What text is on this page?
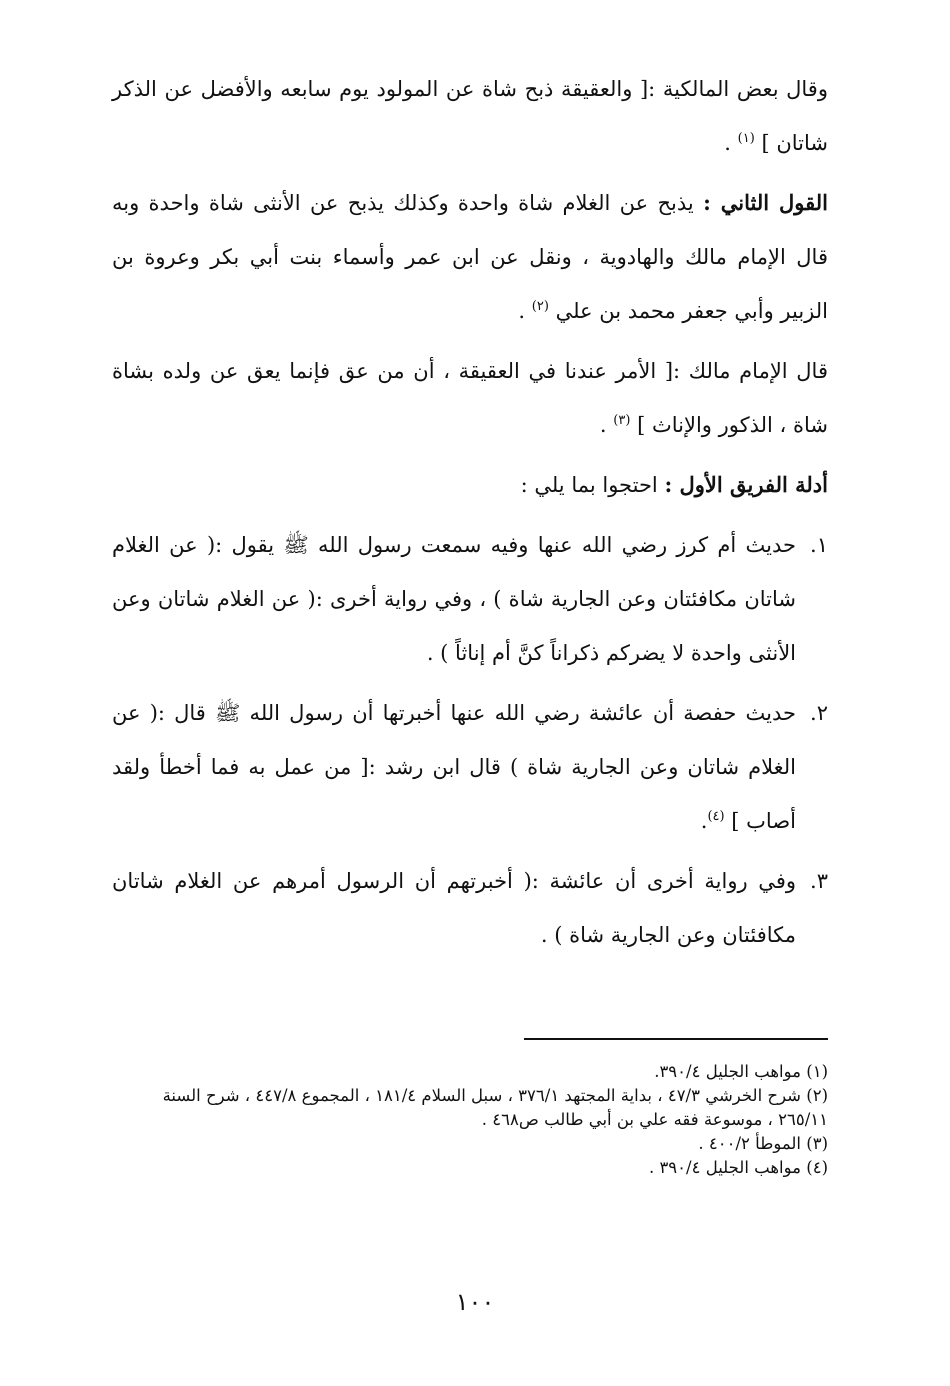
وقال بعض المالكية :[ والعقيقة ذبح شاة عن المولود يوم سابعه والأفضل عن الذكر شاتان ] $^{(١)}$ .

القول الثاني : يذبح عن الغلام شاة واحدة وكذلك يذبح عن الأنثى شاة واحدة وبه قال الإمام مالك والهادوية ، ونقل عن ابن عمر وأسماء بنت أبي بكر وعروة بن الزبير وأبي جعفر محمد بن علي $^{(٢)}$ .

قال الإمام مالك :[ الأمر عندنا في العقيقة ، أن من عق فإنما يعق عن ولده بشاة شاة ، الذكور والإناث ] $^{(٣)}$ .

أدلة الفريق الأول : احتجوا بما يلي :

١.
حديث أم كرز رضي الله عنها وفيه سمعت رسول الله ﷺ يقول :( عن الغلام شاتان مكافئتان وعن الجارية شاة ) ، وفي رواية أخرى :( عن الغلام شاتان وعن الأنثى واحدة لا يضركم ذكراناً كنَّ أم إناثاً ) .
٢.
حديث حفصة أن عائشة رضي الله عنها أخبرتها أن رسول الله ﷺ قال :( عن الغلام شاتان وعن الجارية شاة ) قال ابن رشد :[ من عمل به فما أخطأ ولقد أصاب ] $^{(٤)}$.
٣.
وفي رواية أخرى أن عائشة :( أخبرتهم أن الرسول أمرهم عن الغلام شاتان مكافئتان وعن الجارية شاة ) .

(١) مواهب الجليل ٣٩٠/٤.

(٢) شرح الخرشي ٤٧/٣ ، بداية المجتهد ٣٧٦/١ ، سبل السلام ١٨١/٤ ، المجموع ٤٤٧/٨ ، شرح السنة ٢٦٥/١١ ، موسوعة فقه علي بن أبي طالب ص٤٦٨ .

(٣) الموطأ ٤٠٠/٢ .

(٤) مواهب الجليل ٣٩٠/٤ .

١٠٠
